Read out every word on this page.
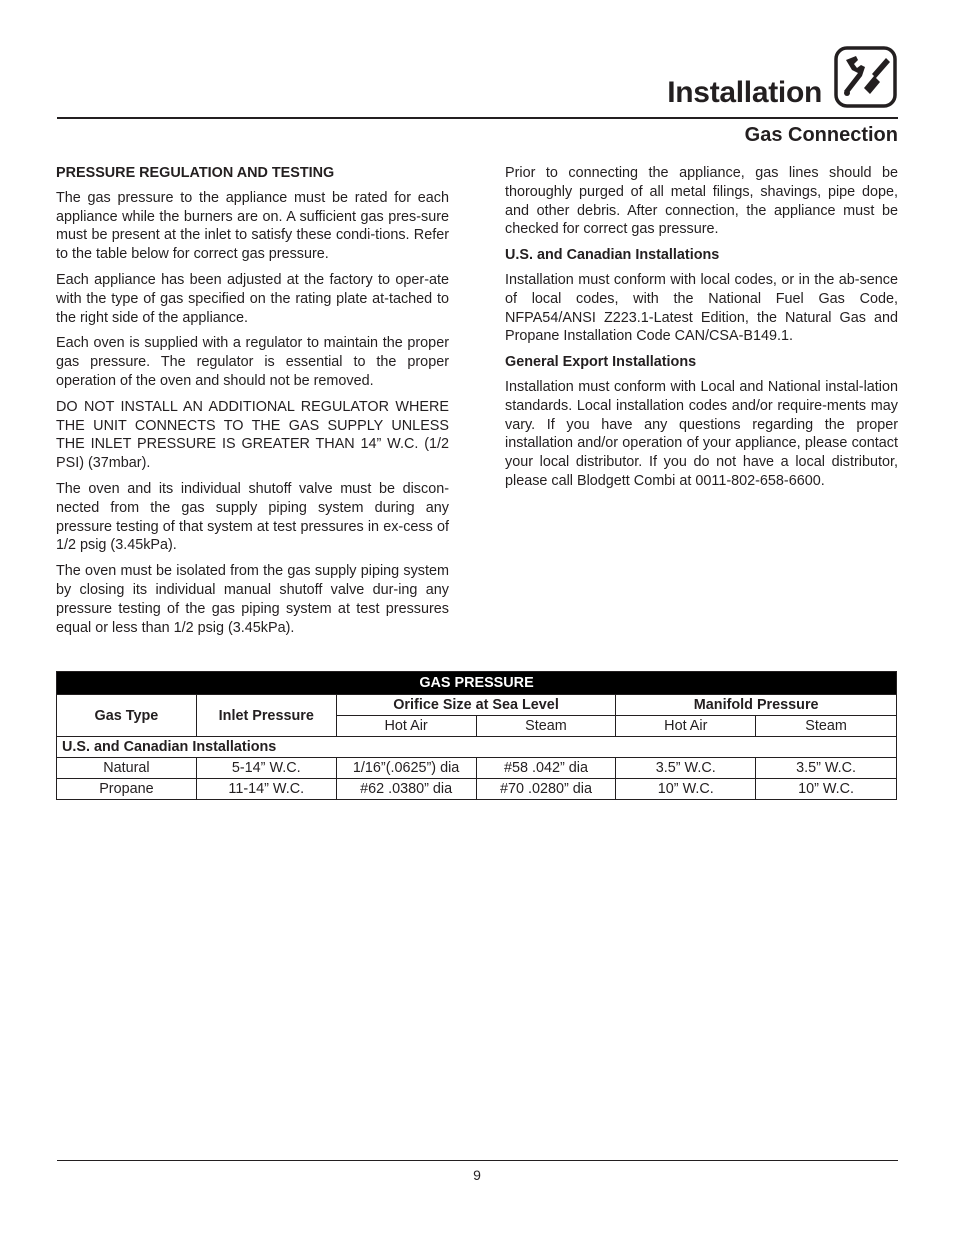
Installation
Gas Connection
PRESSURE REGULATION AND TESTING

The gas pressure to the appliance must be rated for each appliance while the burners are on. A sufficient gas pres-sure must be present at the inlet to satisfy these condi-tions. Refer to the table below for correct gas pressure.

Each appliance has been adjusted at the factory to oper-ate with the type of gas specified on the rating plate at-tached to the right side of the appliance.

Each oven is supplied with a regulator to maintain the proper gas pressure. The regulator is essential to the proper operation of the oven and should not be removed.

DO NOT INSTALL AN ADDITIONAL REGULATOR WHERE THE UNIT CONNECTS TO THE GAS SUPPLY UNLESS THE INLET PRESSURE IS GREATER THAN 14” W.C. (1/2 PSI) (37mbar).

The oven and its individual shutoff valve must be discon-nected from the gas supply piping system during any pressure testing of that system at test pressures in ex-cess of 1/2 psig (3.45kPa).

The oven must be isolated from the gas supply piping system by closing its individual manual shutoff valve dur-ing any pressure testing of the gas piping system at test pressures equal or less than 1/2 psig (3.45kPa).

Prior to connecting the appliance, gas lines should be thoroughly purged of all metal filings, shavings, pipe dope, and other debris. After connection, the appliance must be checked for correct gas pressure.

U.S. and Canadian Installations

Installation must conform with local codes, or in the ab-sence of local codes, with the National Fuel Gas Code, NFPA54/ANSI Z223.1-Latest Edition, the Natural Gas and Propane Installation Code CAN/CSA-B149.1.

General Export Installations

Installation must conform with Local and National instal-lation standards. Local installation codes and/or require-ments may vary. If you have any questions regarding the proper installation and/or operation of your appliance, please contact your local distributor. If you do not have a local distributor, please call Blodgett Combi at 0011-802-658-6600.

GAS PRESSURE					
Gas Type	Inlet Pressure	Orifice Size at Sea Level		Manifold Pressure	
		Hot Air	Steam	Hot Air	Steam
U.S. and Canadian Installations					
Natural	5-14” W.C.	1/16”(.0625”) dia	#58 .042” dia	3.5” W.C.	3.5” W.C.
Propane	11-14” W.C.	#62 .0380” dia	#70 .0280” dia	10” W.C.	10” W.C.
9
